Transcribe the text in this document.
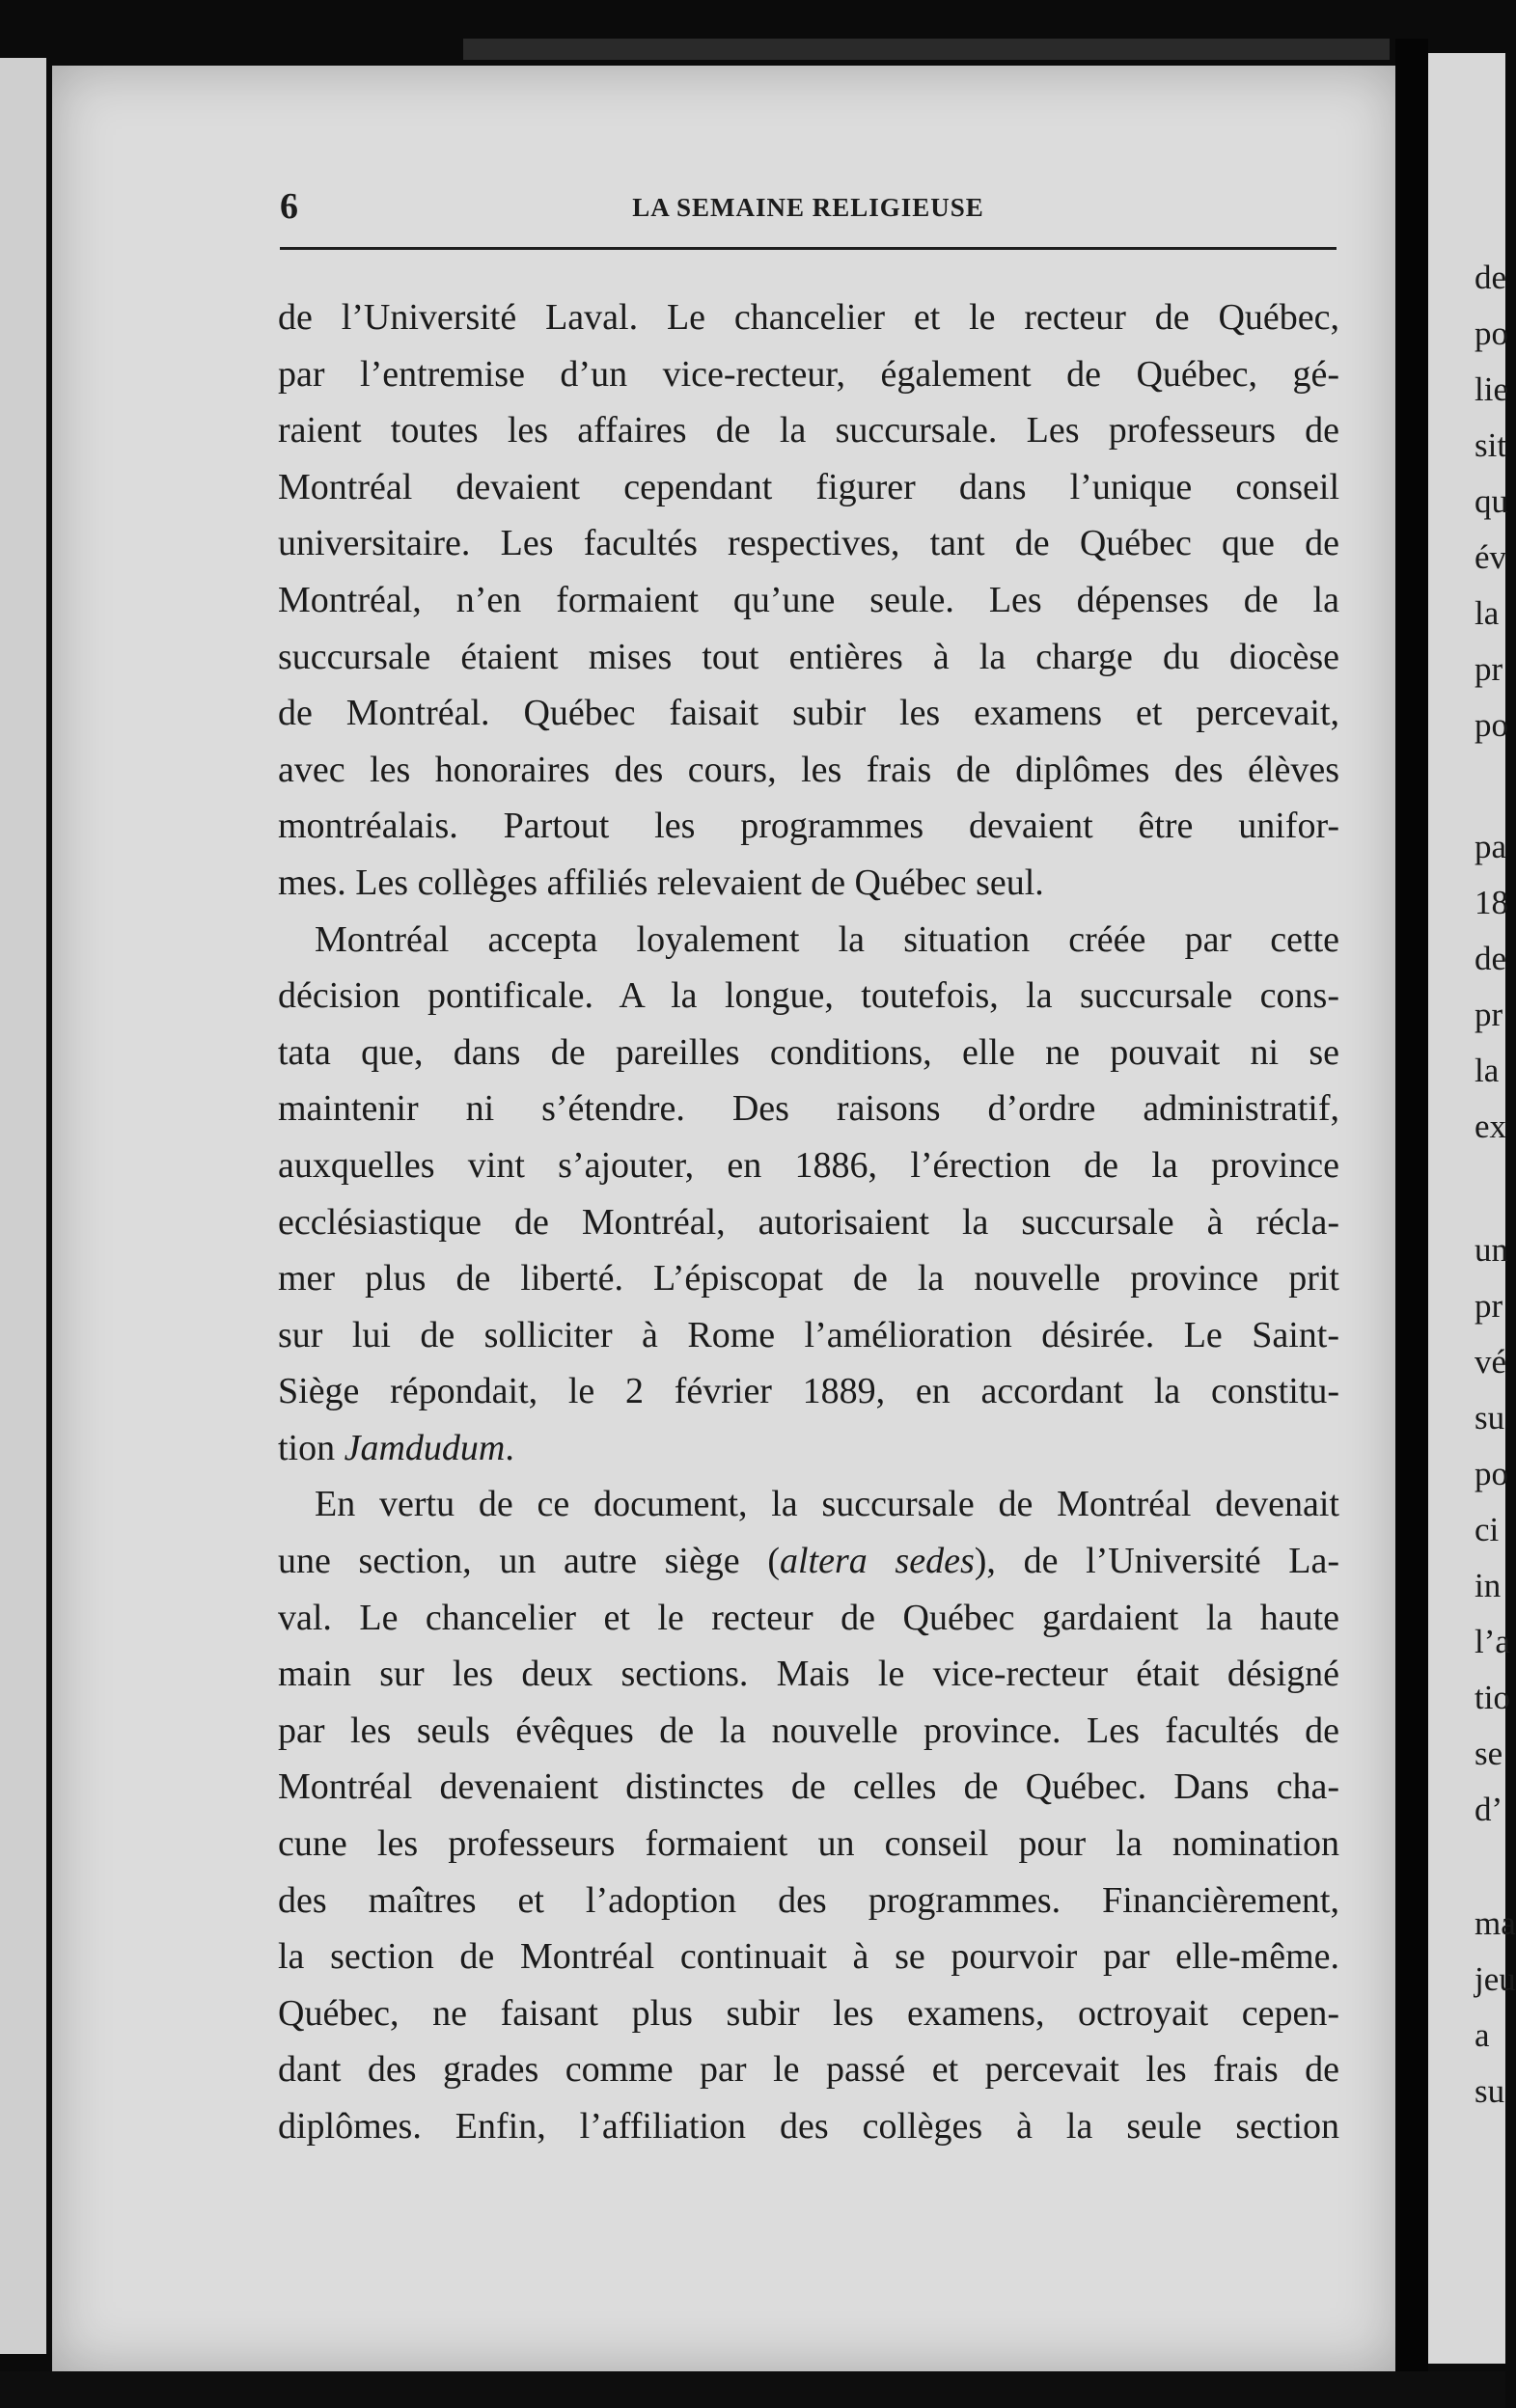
de
po
lie
sit
qu
év
la
pr
po
pa
18
de
pr
la
ex
un
pr
vé
su
po
ci
in
l’a
tio
se
d’
ma
jeu
a
su
6	LA SEMAINE RELIGIEUSE
de l’Université Laval. Le chancelier et le recteur de Québec,
par l’entremise d’un vice-recteur, également de Québec, gé-
raient toutes les affaires de la succursale. Les professeurs de
Montréal devaient cependant figurer dans l’unique conseil
universitaire. Les facultés respectives, tant de Québec que de
Montréal, n’en formaient qu’une seule. Les dépenses de la
succursale étaient mises tout entières à la charge du diocèse
de Montréal. Québec faisait subir les examens et percevait,
avec les honoraires des cours, les frais de diplômes des élèves
montréalais. Partout les programmes devaient être unifor-
mes. Les collèges affiliés relevaient de Québec seul.
Montréal accepta loyalement la situation créée par cette
décision pontificale. A la longue, toutefois, la succursale cons-
tata que, dans de pareilles conditions, elle ne pouvait ni se
maintenir ni s’étendre. Des raisons d’ordre administratif,
auxquelles vint s’ajouter, en 1886, l’érection de la province
ecclésiastique de Montréal, autorisaient la succursale à récla-
mer plus de liberté. L’épiscopat de la nouvelle province prit
sur lui de solliciter à Rome l’amélioration désirée. Le Saint-
Siège répondait, le 2 février 1889, en accordant la constitu-
tion Jamdudum.
En vertu de ce document, la succursale de Montréal devenait
une section, un autre siège (altera sedes), de l’Université La-
val. Le chancelier et le recteur de Québec gardaient la haute
main sur les deux sections. Mais le vice-recteur était désigné
par les seuls évêques de la nouvelle province. Les facultés de
Montréal devenaient distinctes de celles de Québec. Dans cha-
cune les professeurs formaient un conseil pour la nomination
des maîtres et l’adoption des programmes. Financièrement,
la section de Montréal continuait à se pourvoir par elle-même.
Québec, ne faisant plus subir les examens, octroyait cepen-
dant des grades comme par le passé et percevait les frais de
diplômes. Enfin, l’affiliation des collèges à la seule section
